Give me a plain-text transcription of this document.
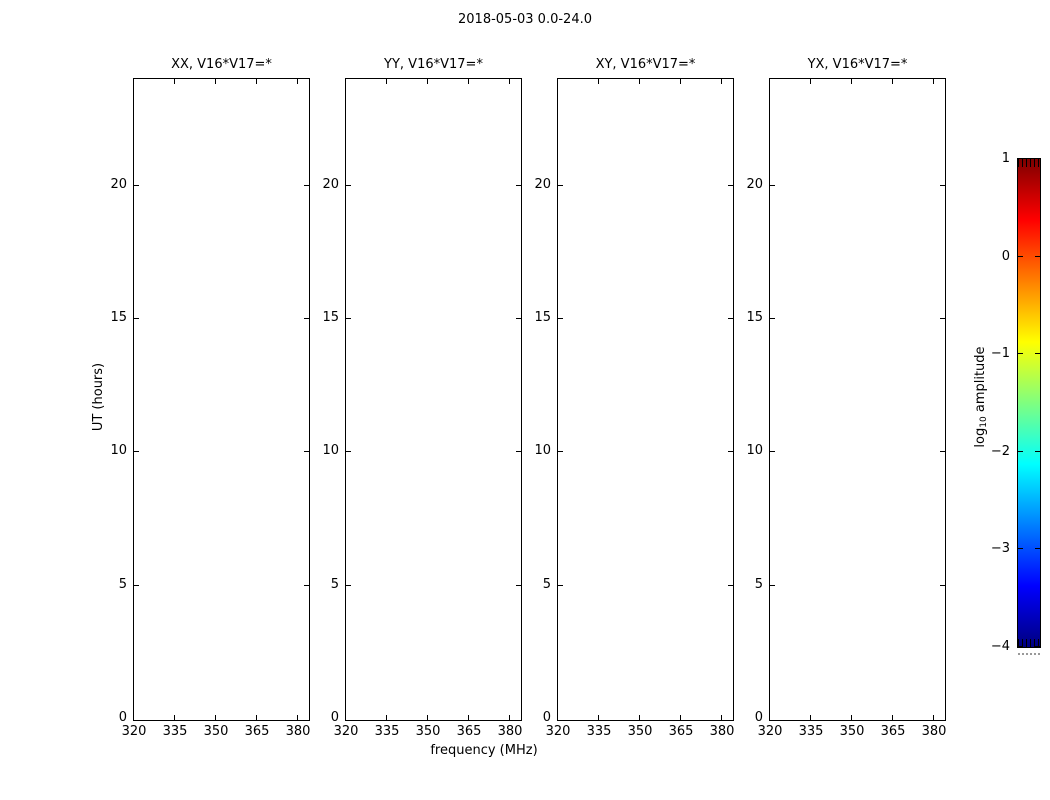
2018-05-03 0.0-24.0
XX, V16*V17=*	YY, V16*V17=*	XY, V16*V17=*	YX, V16*V17=*
UT (hours)
frequency (MHz)
$\log_{10}$ amplitude
320	335	350	365	380
0
5
10
15
20
320	335	350	365	380
0
5
10
15
20
320	335	350	365	380
0
5
10
15
20
320	335	350	365	380
0
5
10
15
20
1
0
−1
−2
−3
−4
